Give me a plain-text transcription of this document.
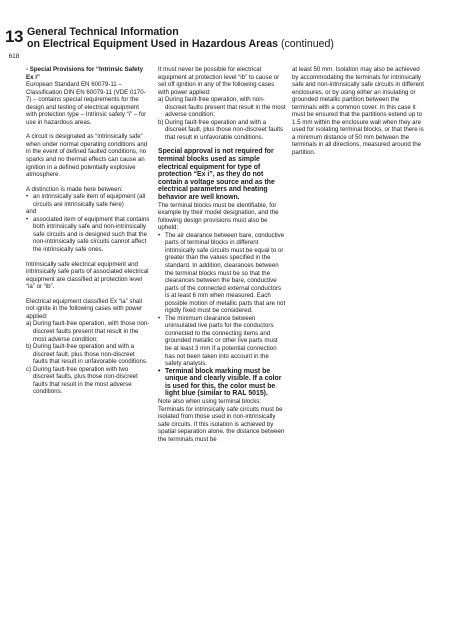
13
618
General Technical Information
on Electrical Equipment Used in Hazardous Areas (continued)

- Special Provisions for “Intrinsic Safety Ex i”

European Standard EN 60079-11 – Classification DIN EN 60079-11 (VDE 0170-7) – contains special requirements for the design and testing of electrical equipment with protection type – Intrinsic safety “i” – for use in hazardous areas.

A circuit is designated as “intrinsically safe” when under normal operating conditions and in the event of defined faulted conditions, no sparks and no thermal effects can cause an ignition in a defined potentially explosive atmosphere.

A distinction is made here between:

• an intrinsically safe item of equipment (all circuits are intrinsically safe here)
and
• associated item of equipment that contains both intrinsically safe and non-intrinsically safe circuits and is designed such that the non-intrinsically safe circuits cannot affect the intrinsically safe ones.

Intrinsically safe electrical equipment and intrinsically safe parts of associated electrical equipment are classified at protection level “ia” or “ib”.

Electrical equipment classified Ex “ia” shall not ignite in the following cases with power applied:

a) During fault-free operation, with those non-discreet faults present that result in the most adverse condition;
b) During fault-free operation and with a discreet fault, plus those non-discreet faults that result in unfavorable conditions.
c) During fault-free operation with two discreet faults, plus those non-discreet faults that result in the most adverse conditions.

It must never be possible for electrical equipment at protection level “ib” to cause or set off ignition in any of the following cases with power applied:

a) During fault-free operation, with non-discreet faults present that result in the most adverse condition;
b) During fault-free operation and with a discreet fault, plus those non-discreet faults that result in unfavorable conditions.

Special approval is not required for terminal blocks used as simple electrical equipment for type of protection “Ex i”, as they do not contain a voltage source and as the electrical parameters and heating behavior are well known.

The terminal blocks must be identifiable, for example by their model designation, and the following design provisions must also be upheld:

• The air clearance between bare, conductive parts of terminal blocks in different intrinsically safe circuits must be equal to or greater than the values specified in the standard. In addition, clearances between the terminal blocks must be so that the clearances between the bare, conductive parts of the connected external conductors is at least 6 mm when measured. Each possible motion of metallic parts that are not rigidly fixed must be considered.
• The minimum clearance between uninsulated live parts for the conductors connected to the connecting items and grounded metallic or other live parts must be at least 3 mm if a potential connection has not been taken into account in the safety analysis.
• Terminal block marking must be unique and clearly visible. If a color is used for this, the color must be light blue (similar to RAL 5015).

Note also when using terminal blocks: Terminals for intrinsically safe circuits must be isolated from those used in non-intrinsically safe circuits. If this isolation is achieved by spatial separation alone, the distance between the terminals must be

at least 50 mm. Isolation may also be achieved by accommodating the terminals for intrinsically safe and non-intrinsically safe circuits in different enclosures, or by using either an insulating or grounded metallic partition between the terminals with a common cover. In this case it must be ensured that the partitions extend up to 1.5 mm within the enclosure wall when they are used for isolating terminal blocks, or that there is a minimum distance of 50 mm between the terminals in all directions, measured around the partition.
